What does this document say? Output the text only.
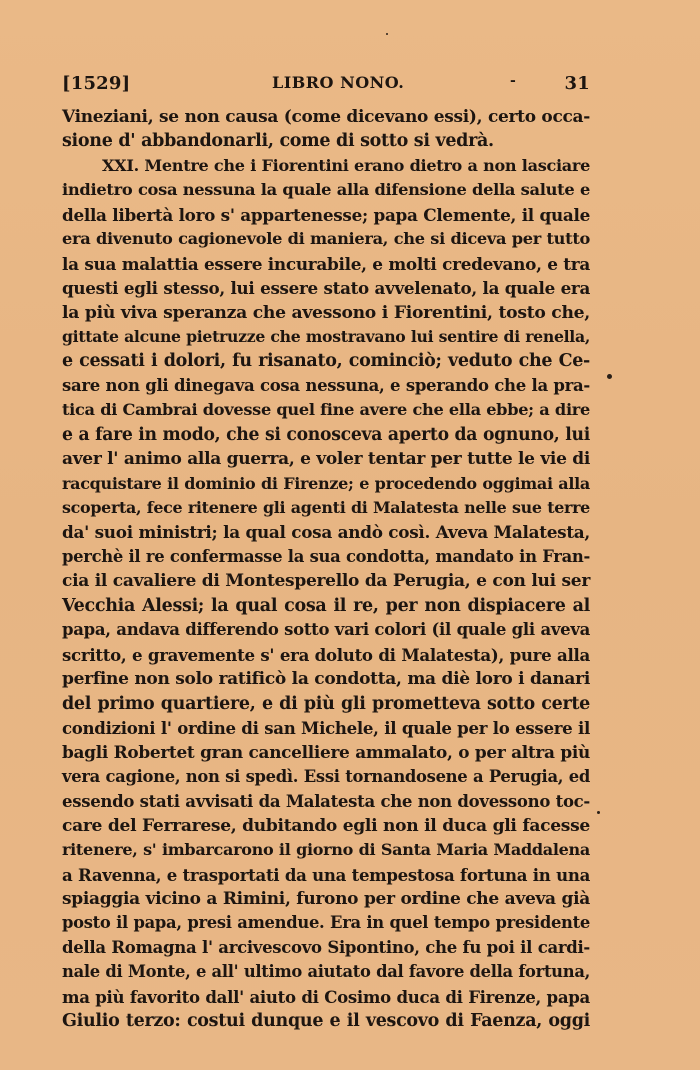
[1529]	LIBRO NONO.	-	31
Vineziani, se non causa (come dicevano essi), certo occa-
sione d' abbandonarli, come di sotto si vedrà.
XXI. Mentre che i Fiorentini erano dietro a non lasciare
indietro cosa nessuna la quale alla difensione della salute e
della libertà loro s' appartenesse; papa Clemente, il quale
era divenuto cagionevole di maniera, che si diceva per tutto
la sua malattia essere incurabile, e molti credevano, e tra
questi egli stesso, lui essere stato avvelenato, la quale era
la più viva speranza che avessono i Fiorentini, tosto che,
gittate alcune pietruzze che mostravano lui sentire di renella,
e cessati i dolori, fu risanato, cominciò; veduto che Ce-
sare non gli dinegava cosa nessuna, e sperando che la pra-
tica di Cambrai dovesse quel fine avere che ella ebbe; a dire
e a fare in modo, che si conosceva aperto da ognuno, lui
aver l' animo alla guerra, e voler tentar per tutte le vie di
racquistare il dominio di Firenze; e procedendo oggimai alla
scoperta, fece ritenere gli agenti di Malatesta nelle sue terre
da' suoi ministri; la qual cosa andò così. Aveva Malatesta,
perchè il re confermasse la sua condotta, mandato in Fran-
cia il cavaliere di Montesperello da Perugia, e con lui ser
Vecchia Alessi; la qual cosa il re, per non dispiacere al
papa, andava differendo sotto vari colori (il quale gli aveva
scritto, e gravemente s' era doluto di Malatesta), pure alla
perfine non solo ratificò la condotta, ma diè loro i danari
del primo quartiere, e di più gli prometteva sotto certe
condizioni l' ordine di san Michele, il quale per lo essere il
bagli Robertet gran cancelliere ammalato, o per altra più
vera cagione, non si spedì. Essi tornandosene a Perugia, ed
essendo stati avvisati da Malatesta che non dovessono toc-
care del Ferrarese, dubitando egli non il duca gli facesse
ritenere, s' imbarcarono il giorno di Santa Maria Maddalena
a Ravenna, e trasportati da una tempestosa fortuna in una
spiaggia vicino a Rimini, furono per ordine che aveva già
posto il papa, presi amendue. Era in quel tempo presidente
della Romagna l' arcivescovo Sipontino, che fu poi il cardi-
nale di Monte, e all' ultimo aiutato dal favore della fortuna,
ma più favorito dall' aiuto di Cosimo duca di Firenze, papa
Giulio terzo: costui dunque e il vescovo di Faenza, oggi
